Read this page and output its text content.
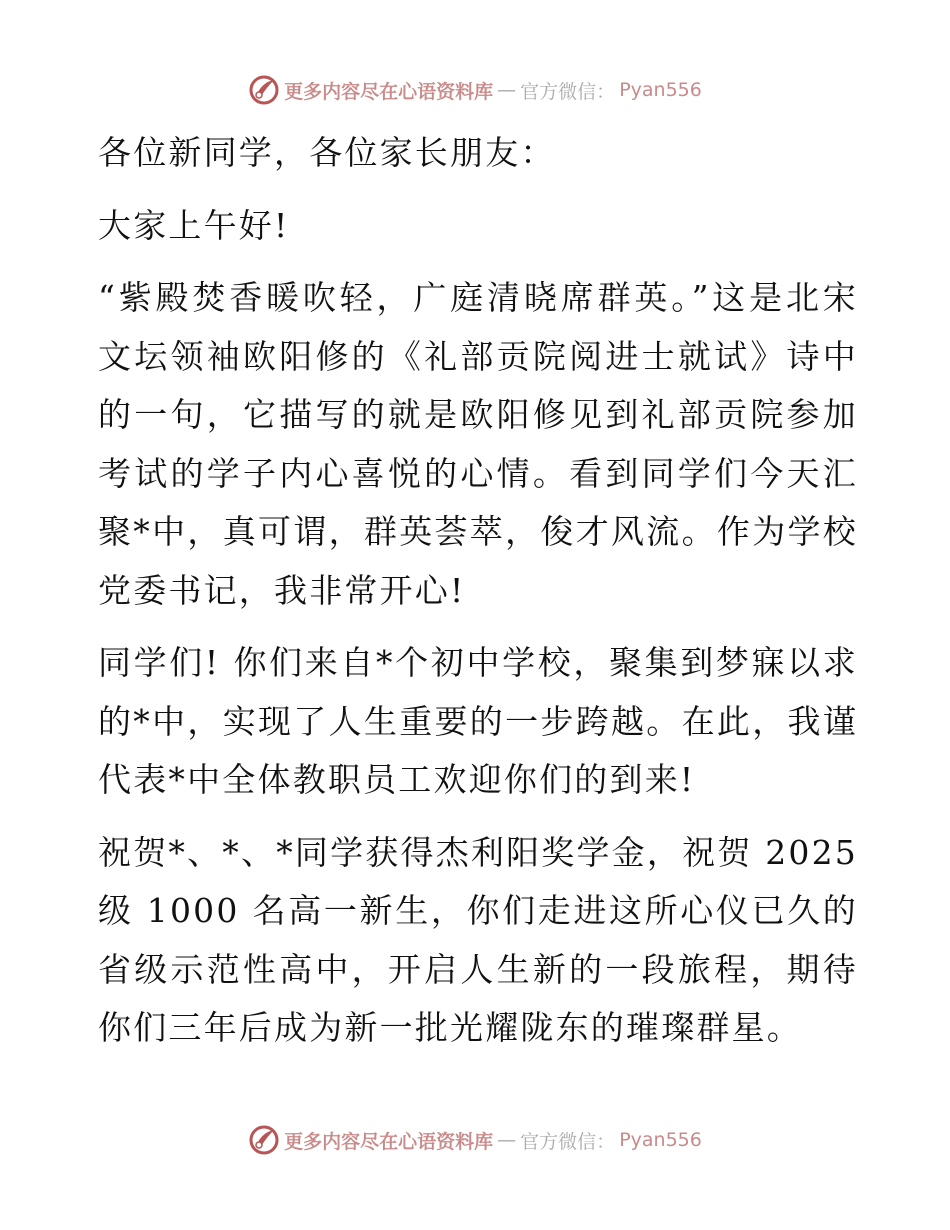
更多内容尽在心语资料库 — 官方微信： Pyan556

各位新同学，各位家长朋友：

大家上午好!

“紫殿焚香暖吹轻，广庭清晓席群英。”这是北宋文坛领袖欧阳修的《礼部贡院阅进士就试》诗中的一句，它描写的就是欧阳修见到礼部贡院参加考试的学子内心喜悦的心情。看到同学们今天汇聚*中，真可谓，群英荟萃，俊才风流。作为学校党委书记，我非常开心!

同学们! 你们来自*个初中学校，聚集到梦寐以求的*中，实现了人生重要的一步跨越。在此，我谨代表*中全体教职员工欢迎你们的到来!

祝贺*、*、*同学获得杰利阳奖学金，祝贺 2025 级 1000 名高一新生，你们走进这所心仪已久的省级示范性高中，开启人生新的一段旅程，期待你们三年后成为新一批光耀陇东的璀璨群星。

更多内容尽在心语资料库 — 官方微信： Pyan556
